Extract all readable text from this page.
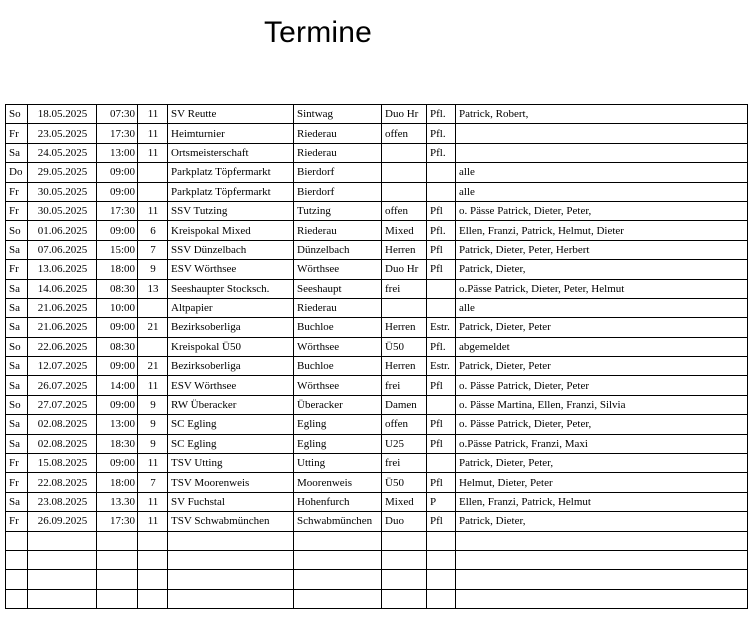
Termine
So	18.05.2025	07:30	11	SV Reutte	Sintwag	Duo Hr	Pfl.	Patrick, Robert,
Fr	23.05.2025	17:30	11	Heimturnier	Riederau	offen	Pfl.	
Sa	24.05.2025	13:00	11	Ortsmeisterschaft	Riederau		Pfl.	
Do	29.05.2025	09:00		Parkplatz Töpfermarkt	Bierdorf			alle
Fr	30.05.2025	09:00		Parkplatz Töpfermarkt	Bierdorf			alle
Fr	30.05.2025	17:30	11	SSV Tutzing	Tutzing	offen	Pfl	o. Pässe Patrick, Dieter, Peter,
So	01.06.2025	09:00	6	Kreispokal Mixed	Riederau	Mixed	Pfl.	Ellen, Franzi, Patrick, Helmut, Dieter
Sa	07.06.2025	15:00	7	SSV Dünzelbach	Dünzelbach	Herren	Pfl	Patrick, Dieter, Peter, Herbert
Fr	13.06.2025	18:00	9	ESV Wörthsee	Wörthsee	Duo Hr	Pfl	Patrick, Dieter,
Sa	14.06.2025	08:30	13	Seeshaupter Stocksch.	Seeshaupt	frei		o.Pässe Patrick, Dieter, Peter, Helmut
Sa	21.06.2025	10:00		Altpapier	Riederau			alle
Sa	21.06.2025	09:00	21	Bezirksoberliga	Buchloe	Herren	Estr.	Patrick, Dieter, Peter
So	22.06.2025	08:30		Kreispokal Ü50	Wörthsee	Ü50	Pfl.	abgemeldet
Sa	12.07.2025	09:00	21	Bezirksoberliga	Buchloe	Herren	Estr.	Patrick, Dieter, Peter
Sa	26.07.2025	14:00	11	ESV Wörthsee	Wörthsee	frei	Pfl	o. Pässe Patrick, Dieter, Peter
So	27.07.2025	09:00	9	RW Überacker	Überacker	Damen		o. Pässe Martina, Ellen, Franzi, Silvia
Sa	02.08.2025	13:00	9	SC Egling	Egling	offen	Pfl	o. Pässe Patrick, Dieter, Peter,
Sa	02.08.2025	18:30	9	SC Egling	Egling	U25	Pfl	o.Pässe Patrick, Franzi, Maxi
Fr	15.08.2025	09:00	11	TSV Utting	Utting	frei		Patrick, Dieter, Peter,
Fr	22.08.2025	18:00	7	TSV Moorenweis	Moorenweis	Ü50	Pfl	Helmut, Dieter, Peter
Sa	23.08.2025	13.30	11	SV Fuchstal	Hohenfurch	Mixed	P	Ellen, Franzi, Patrick, Helmut
Fr	26.09.2025	17:30	11	TSV Schwabmünchen	Schwabmünchen	Duo	Pfl	Patrick, Dieter,
